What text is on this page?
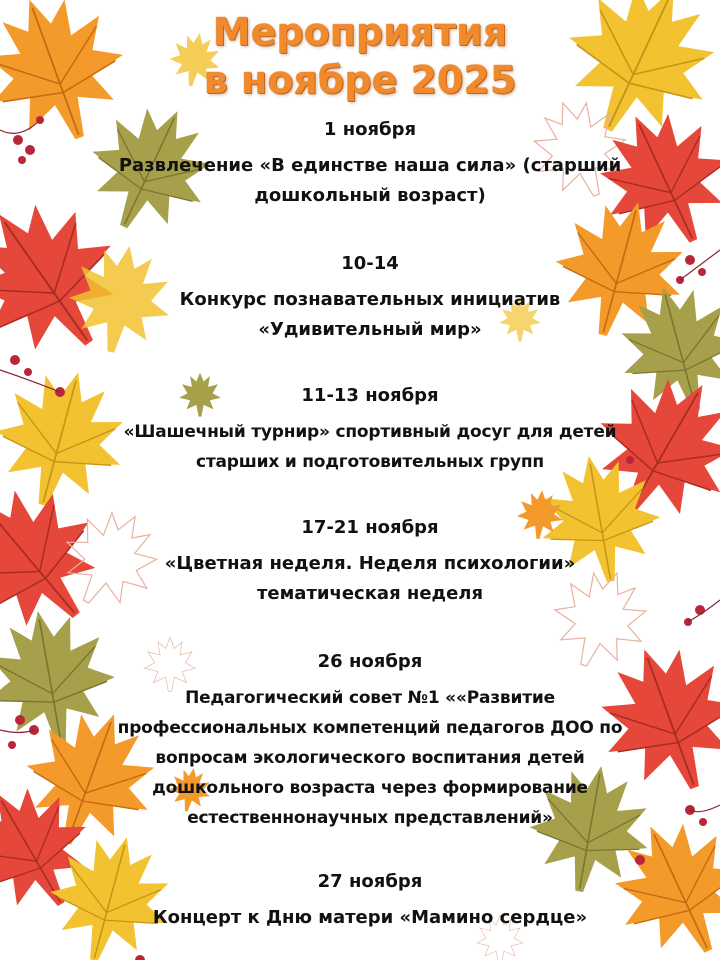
Мероприятия
в ноябре 2025
1 ноября
Развлечение «В единстве наша сила» (старший
дошкольный возраст)
10-14
Конкурс познавательных инициатив
«Удивительный мир»
11-13 ноября
«Шашечный турнир» спортивный досуг для детей
старших и подготовительных групп
17-21 ноября
«Цветная неделя. Неделя психологии»
тематическая неделя
26 ноября
Педагогический совет №1 ««Развитие
профессиональных компетенций педагогов ДОО по
вопросам экологического воспитания детей
дошкольного возраста через формирование
естественнонаучных представлений»
27 ноября
Концерт к Дню матери «Мамино сердце»
